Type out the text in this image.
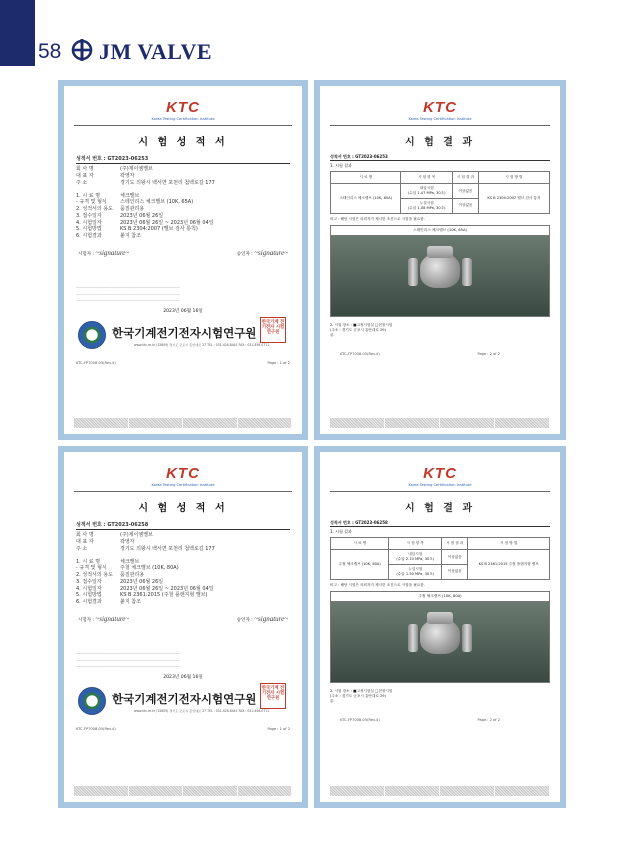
58 JM VALVE
KTC
Korea Testing Certification Institute
시 험 성 적 서
성적서 번호 : GT2023-06253
회 사 명	(주)제이엠밸브
대 표 자	곽영자
주 소	경기도 의왕시 백서면 포천리 첨백로길 177
1. 시 료 명	체크밸브
- 규격 및 형식	스테인리스 체크밸브 (10K, 65A)
2. 성적서의 용도	품질관리용
3. 접수일자	2023년 06월 26일
4. 시험일자	2023년 06월 26일 ~ 2023년 06월 04일
5. 시험방법	KS B 2304:2007 (밸브 검사 통칙)
6. 시험결과	붙지 참조
시험자 : ~signature~	승인자 : ~signature~
·······································································································
·······································································································
·······································································································
2023년 06월 16일
한국기계전기전자시험연구원
한국기계 전기전자 시험연구원
www.ktc.re.kr (15809) 경기도 군포시 흥안대로 27 TEL : 031-428-8441 FAX : 031-456-0711
KTC-FP7008-05(Rev.4)	Page : 1 of 2
KTC
Korea Testing Certification Institute
시 험 결 과
성적서 번호 : GT2023-06253
1. 시험 결과
시 료 명	시 험 항 목	시 험 결 과	시 험 방 법
스테인리스 체크밸브 (10K, 65A)	내압시험
(수압 1.47 MPa, 30초)	이상없음	KS B 2304:2007 밸브 검사 통칙
	누설시험
(수압 1.08 MPa, 30초)	이상없음	
비고 : 해당 시험은 의뢰자가 제시한 조건으로 시험을 필요함.
스테인리스 체크밸브 (10K, 65A)
2. 시험 장소 : ■고정시험실 □현장시험
(주소 : 경기도 군포시 흥안대로 29)
끝.
KTC-FP7008-05(Rev.4)	Page : 2 of 2
KTC
Korea Testing Certification Institute
시 험 성 적 서
성적서 번호 : GT2023-06258
회 사 명	(주)제이엠밸브
대 표 자	곽영자
주 소	경기도 의왕시 백서면 포천리 첨백로길 177
1. 시 료 명	체크밸브
- 규격 및 형식	주철 체크밸브 (10K, 80A)
2. 성적서의 용도	품질관리용
3. 접수일자	2023년 06월 26일
4. 시험일자	2023년 06월 26일 ~ 2023년 06월 04일
5. 시험방법	KS B 2361:2015 (주철 플랜지형 밸브)
6. 시험결과	붙지 참조
시험자 : ~signature~	승인자 : ~signature~
·······································································································
·······································································································
·······································································································
2023년 06월 16일
한국기계전기전자시험연구원
한국기계 전기전자 시험연구원
www.ktc.re.kr (15809) 경기도 군포시 흥안대로 27 TEL : 031-428-8441 FAX : 031-456-0711
KTC-FP7008-05(Rev.4)	Page : 1 of 2
KTC
Korea Testing Certification Institute
시 험 결 과
성적서 번호 : GT2023-06258
1. 시험 결과
시 료 명	시 험 항 목	시 험 결 과	시 험 방 법
주철 체크밸브 (10K, 80A)	내압시험
(수압 2.10 MPa, 30초)	이상없음	KS B 2361:2015 주철 플랜지형 밸브
	누설시험
(수압 1.50 MPa, 30초)	이상없음	
비고 : 해당 시험은 의뢰자가 제시한 조건으로 시험을 필요함.
주철 체크밸브 (10K, 80A)
2. 시험 장소 : ■고정시험실 □현장시험
(주소 : 경기도 군포시 흥안대로 29)
끝.
KTC-FP7008-05(Rev.4)	Page : 2 of 2
